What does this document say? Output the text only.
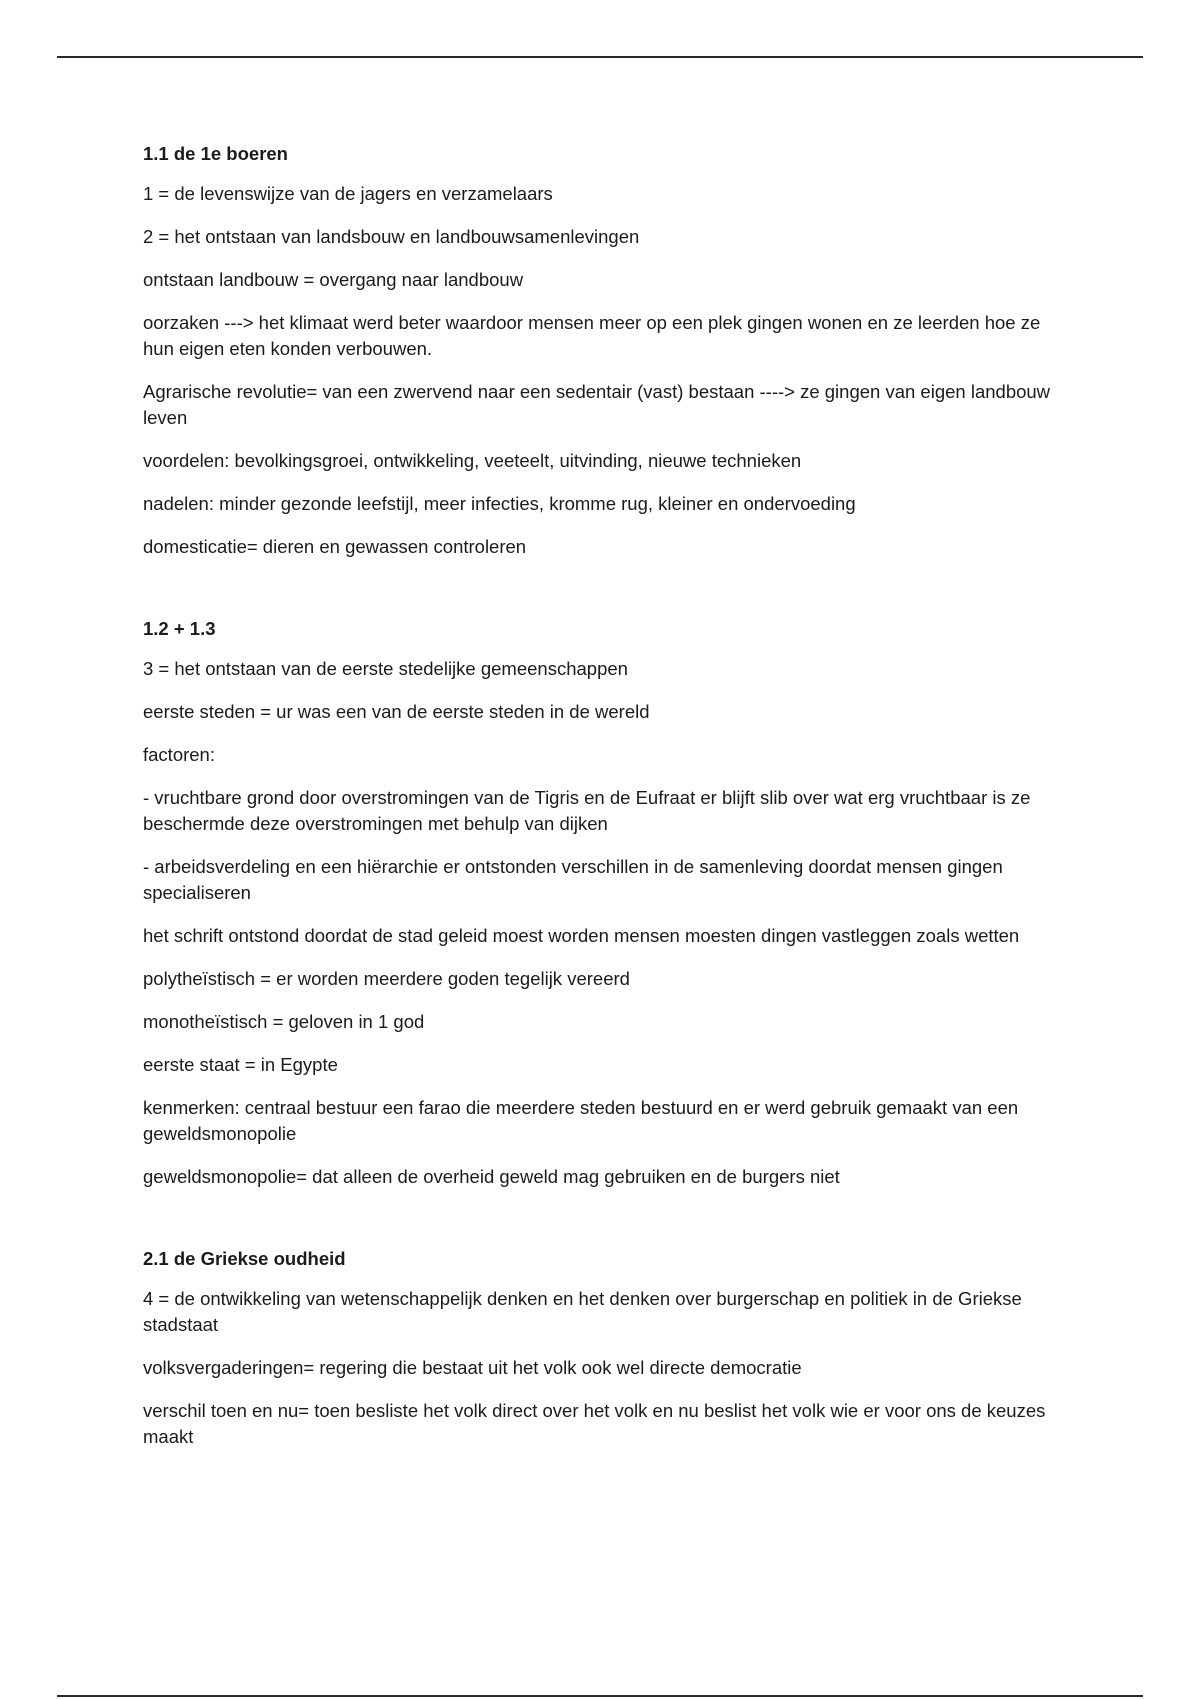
1.1 de 1e boeren

1 = de levenswijze van de jagers en verzamelaars

2 = het ontstaan van landsbouw en landbouwsamenlevingen

ontstaan landbouw = overgang naar landbouw

oorzaken ---> het klimaat werd beter waardoor mensen meer op een plek gingen wonen en ze leerden hoe ze hun eigen eten konden verbouwen.

Agrarische revolutie= van een zwervend naar een sedentair (vast) bestaan ----> ze gingen van eigen landbouw leven

voordelen: bevolkingsgroei, ontwikkeling, veeteelt, uitvinding, nieuwe technieken

nadelen: minder gezonde leefstijl, meer infecties, kromme rug, kleiner en ondervoeding

domesticatie= dieren en gewassen controleren

1.2 + 1.3

3 = het ontstaan van de eerste stedelijke gemeenschappen

eerste steden = ur was een van de eerste steden in de wereld

factoren:

- vruchtbare grond door overstromingen van de Tigris en de Eufraat er blijft slib over wat erg vruchtbaar is ze beschermde deze overstromingen met behulp van dijken

- arbeidsverdeling en een hiërarchie er ontstonden verschillen in de samenleving doordat mensen gingen specialiseren

het schrift ontstond doordat de stad geleid moest worden mensen moesten dingen vastleggen zoals wetten

polytheïstisch = er worden meerdere goden tegelijk vereerd

monotheïstisch = geloven in 1 god

eerste staat = in Egypte

kenmerken: centraal bestuur een farao die meerdere steden bestuurd en er werd gebruik gemaakt van een geweldsmonopolie

geweldsmonopolie= dat alleen de overheid geweld mag gebruiken en de burgers niet

2.1 de Griekse oudheid

4 = de ontwikkeling van wetenschappelijk denken en het denken over burgerschap en politiek in de Griekse stadstaat

volksvergaderingen= regering die bestaat uit het volk ook wel directe democratie

verschil toen en nu= toen besliste het volk direct over het volk en nu beslist het volk wie er voor ons de keuzes maakt
